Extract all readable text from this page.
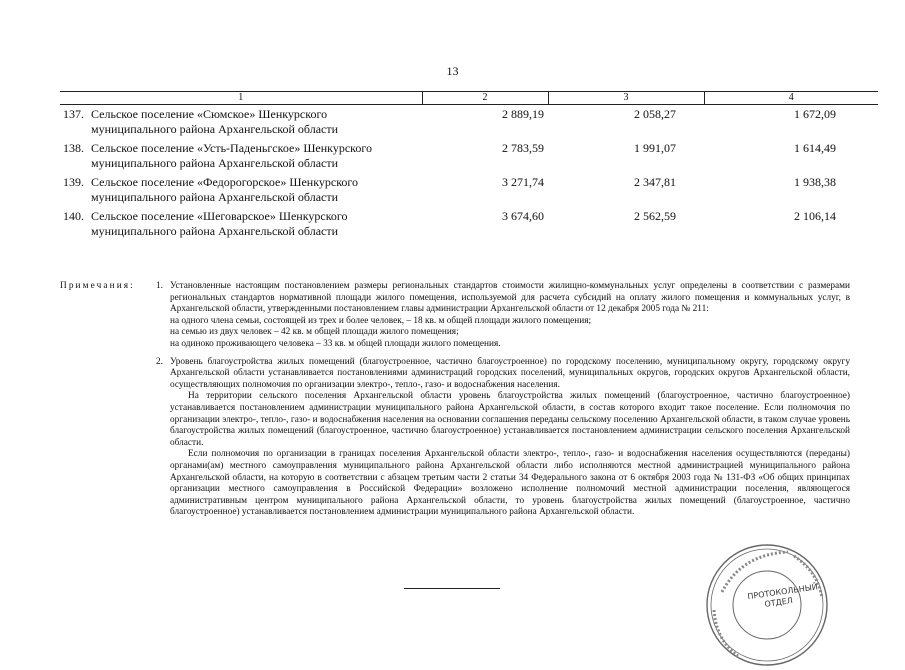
13
1	2	3	4

137. Сельское поселение «Сюмское» Шенкурского муниципального района Архангельской области	2 889,19	2 058,27	1 672,09

138. Сельское поселение «Усть-Паденьгское» Шенкурского муниципального района Архангельской области	2 783,59	1 991,07	1 614,49

139. Сельское поселение «Федорогорское» Шенкурского муниципального района Архангельской области	3 271,74	2 347,81	1 938,38

140. Сельское поселение «Шеговарское» Шенкурского муниципального района Архангельской области	3 674,60	2 562,59	2 106,14
Примечания:	1. Установленные настоящим постановлением размеры региональных стандартов стоимости жилищно-коммунальных услуг определены в соответствии с размерами региональных стандартов нормативной площади жилого помещения, используемой для расчета субсидий на оплату жилого помещения и коммунальных услуг, в Архангельской области, утвержденными постановлением главы администрации Архангельской области от 12 декабря 2005 года № 211:

на одного члена семьи, состоящей из трех и более человек, – 18 кв. м общей площади жилого помещения;

на семью из двух человек – 42 кв. м общей площади жилого помещения;

на одиноко проживающего человека – 33 кв. м общей площади жилого помещения.

2. Уровень благоустройства жилых помещений (благоустроенное, частично благоустроенное) по городскому поселению, муниципальному округу, городскому округу Архангельской области устанавливается постановлениями администраций городских поселений, муниципальных округов, городских округов Архангельской области, осуществляющих полномочия по организации электро-, тепло-, газо- и водоснабжения населения.

На территории сельского поселения Архангельской области уровень благоустройства жилых помещений (благоустроенное, частично благоустроенное) устанавливается постановлением администрации муниципального района Архангельской области, в состав которого входит такое поселение. Если полномочия по организации электро-, тепло-, газо- и водоснабжения населения на основании соглашения переданы сельскому поселению Архангельской области, в таком случае уровень благоустройства жилых помещений (благоустроенное, частично благоустроенное) устанавливается постановлением администрации сельского поселения Архангельской области.

Если полномочия по организации в границах поселения Архангельской области электро-, тепло-, газо- и водоснабжения населения осуществляются (переданы) органами(ам) местного самоуправления муниципального района Архангельской области либо исполняются местной администрацией муниципального района Архангельской области, на которую в соответствии с абзацем третьим части 2 статьи 34 Федерального закона от 6 октября 2003 года № 131-ФЗ «Об общих принципах организации местного самоуправления в Российской Федерации» возложено исполнение полномочий местной администрации поселения, являющегося административным центром муниципального района Архангельской области, то уровень благоустройства жилых помещений (благоустроенное, частично благоустроенное) устанавливается постановлением администрации муниципального района Архангельской области.

ПРОТОКОЛЬНЫЙ ОТДЕЛ
